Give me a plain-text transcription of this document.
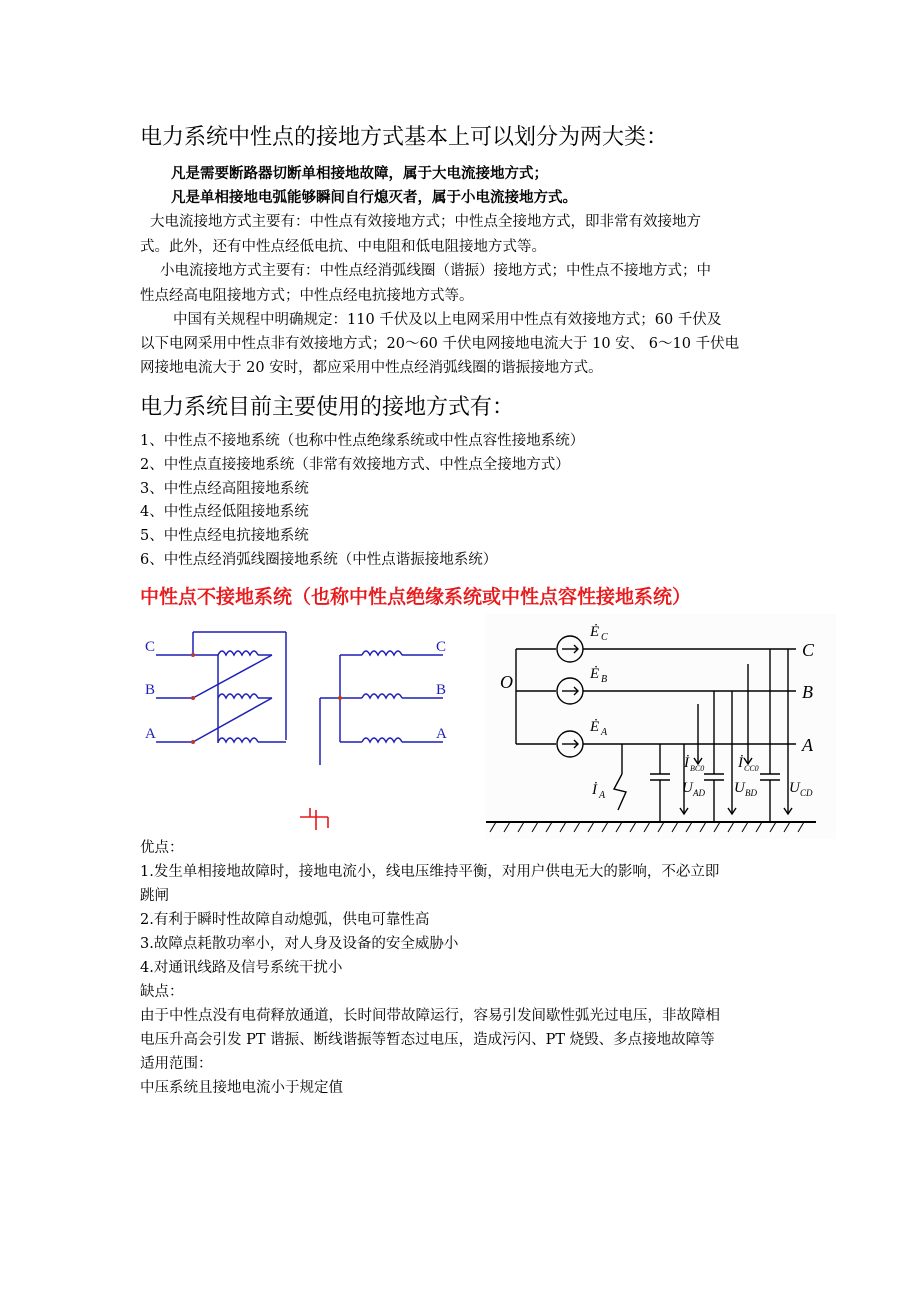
电力系统中性点的接地方式基本上可以划分为两大类：
凡是需要断路器切断单相接地故障，属于大电流接地方式；
凡是单相接地电弧能够瞬间自行熄灭者，属于小电流接地方式。
大电流接地方式主要有：中性点有效接地方式；中性点全接地方式，即非常有效接地方
式。此外，还有中性点经低电抗、中电阻和低电阻接地方式等。
小电流接地方式主要有：中性点经消弧线圈（谐振）接地方式；中性点不接地方式；中
性点经高电阻接地方式；中性点经电抗接地方式等。
中国有关规程中明确规定：110 千伏及以上电网采用中性点有效接地方式；60 千伏及
以下电网采用中性点非有效接地方式；20～60 千伏电网接地电流大于 10 安、 6～10 千伏电
网接地电流大于 20 安时，都应采用中性点经消弧线圈的谐振接地方式。
电力系统目前主要使用的接地方式有：
1、中性点不接地系统（也称中性点绝缘系统或中性点容性接地系统）
2、中性点直接接地系统（非常有效接地方式、中性点全接地方式）
3、中性点经高阻接地系统
4、中性点经低阻接地系统
5、中性点经电抗接地系统
6、中性点经消弧线圈接地系统（中性点谐振接地系统）
中性点不接地系统（也称中性点绝缘系统或中性点容性接地系统）
C
B
A
C
B
A
O
C
B
A
Ė C
Ė B
Ė A
İ A
İ BC0 İ CC0
U AD U BD U CD
优点：
1.发生单相接地故障时，接地电流小，线电压维持平衡，对用户供电无大的影响，不必立即
跳闸
2.有利于瞬时性故障自动熄弧，供电可靠性高
3.故障点耗散功率小，对人身及设备的安全威胁小
4.对通讯线路及信号系统干扰小
缺点：
由于中性点没有电荷释放通道，长时间带故障运行，容易引发间歇性弧光过电压，非故障相
电压升高会引发 PT 谐振、断线谐振等暂态过电压，造成污闪、PT 烧毁、多点接地故障等
适用范围：
中压系统且接地电流小于规定值
